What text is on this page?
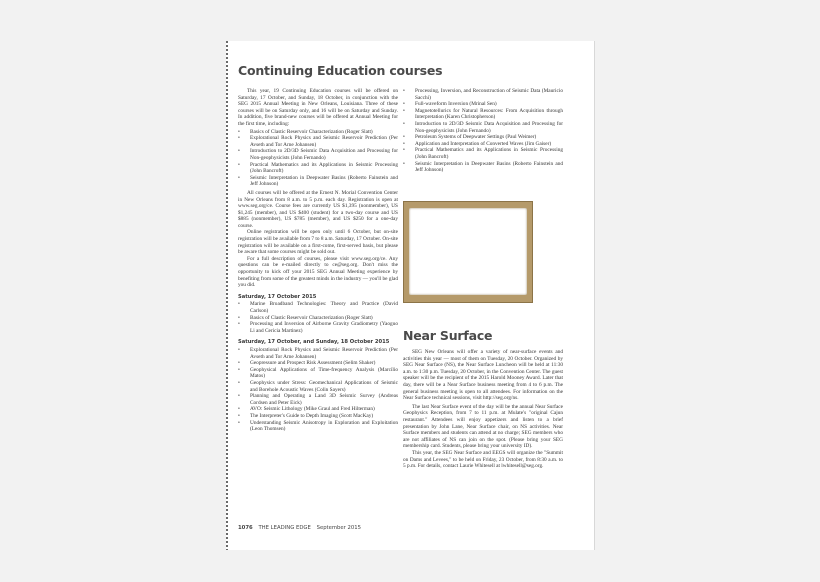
Continuing Education courses

This year, 19 Continuing Education courses will be offered on Saturday, 17 October, and Sunday, 18 October, in conjunction with the SEG 2015 Annual Meeting in New Orleans, Louisiana. Three of these courses will be on Saturday only, and 16 will be on Saturday and Sunday. In addition, five brand-new courses will be offered at Annual Meeting for the first time, including:

• Basics of Clastic Reservoir Characterization (Roger Slatt)
• Explorational Rock Physics and Seismic Reservoir Prediction (Per Avseth and Tor Arne Johansen)
• Introduction to 2D/3D Seismic Data Acquisition and Processing for Non-geophysicists (John Fernando)
• Practical Mathematics and its Applications in Seismic Processing (John Bancroft)
• Seismic Interpretation in Deepwater Basins (Roberto Fainstein and Jeff Johnson)

All courses will be offered at the Ernest N. Morial Convention Center in New Orleans from 8 a.m. to 5 p.m. each day. Registration is open at www.seg.org/ce. Course fees are currently US $1,395 (nonmember), US $1,245 (member), and US $400 (student) for a two-day course and US $885 (nonmember), US $785 (member), and US $250 for a one-day course.

Online registration will be open only until 6 October, but on-site registration will be available from 7 to 8 a.m. Saturday, 17 October. On-site registration will be available on a first-come, first-served basis, but please be aware that some courses might be sold out.

For a full description of courses, please visit www.seg.org/ce. Any questions can be e-mailed directly to ce@seg.org. Don't miss the opportunity to kick off your 2015 SEG Annual Meeting experience by benefiting from some of the greatest minds in the industry — you'll be glad you did.

Saturday, 17 October 2015
• Marine Broadband Technologies: Theory and Practice (David Carlson)
• Basics of Clastic Reservoir Characterization (Roger Slatt)
• Processing and Inversion of Airborne Gravity Gradiometry (Yaoguo Li and Cericia Martinez)
Saturday, 17 October, and Sunday, 18 October 2015
• Explorational Rock Physics and Seismic Reservoir Prediction (Per Avseth and Tor Arne Johansen)
• Geopressure and Prospect Risk Assessment (Selim Shaker)
• Geophysical Applications of Time-frequency Analysis (Marcílio Matos)
• Geophysics under Stress: Geomechanical Applications of Seismic and Borehole Acoustic Waves (Colin Sayers)
• Planning and Operating a Land 3D Seismic Survey (Andreas Cordsen and Peter Eick)
• AVO: Seismic Lithology (Mike Graul and Fred Hilterman)
• The Interpreter's Guide to Depth Imaging (Scott MacKay)
• Understanding Seismic Anisotropy in Exploration and Exploitation (Leon Thomsen)
• Processing, Inversion, and Reconstruction of Seismic Data (Mauricio Sacchi)
• Full-waveform Inversion (Mrinal Sen)
• Magnetotellurics for Natural Resources: From Acquisition through Interpretation (Karen Christopherson)
• Introduction to 2D/3D Seismic Data Acquisition and Processing for Non-geophysicists (John Fernando)
• Petroleum Systems of Deepwater Settings (Paul Weimer)
• Application and Interpretation of Converted Waves (Jim Gaiser)
• Practical Mathematics and its Applications in Seismic Processing (John Bancroft)
• Seismic Interpretation in Deepwater Basins (Roberto Fainstein and Jeff Johnson)
Near Surface

SEG New Orleans will offer a variety of near-surface events and activities this year — most of them on Tuesday, 20 October. Organized by SEG Near Surface (NS), the Near Surface Luncheon will be held at 11:30 a.m. to 1:30 p.m. Tuesday, 20 October, in the Convention Center. The guest speaker will be the recipient of the 2015 Harold Mooney Award. Later that day, there will be a Near Surface business meeting from 4 to 6 p.m. The general business meeting is open to all attendees. For information on the Near Surface technical sessions, visit http://seg.org/ns.

The last Near Surface event of the day will be the annual Near Surface Geophysics Reception, from 7 to 11 p.m. at Mulate's "original Cajun restaurant." Attendees will enjoy appetizers and listen to a brief presentation by John Lane, Near Surface chair, on NS activities. Near Surface members and students can attend at no charge; SEG members who are not affiliates of NS can join on the spot. (Please bring your SEG membership card. Students, please bring your university ID).

This year, the SEG Near Surface and EEGS will organize the "Summit on Dams and Levees," to be held on Friday, 23 October, from 8:30 a.m. to 5 p.m. For details, contact Laurie Whitesell at lwhitesell@seg.org.

1076 THE LEADING EDGE September 2015
